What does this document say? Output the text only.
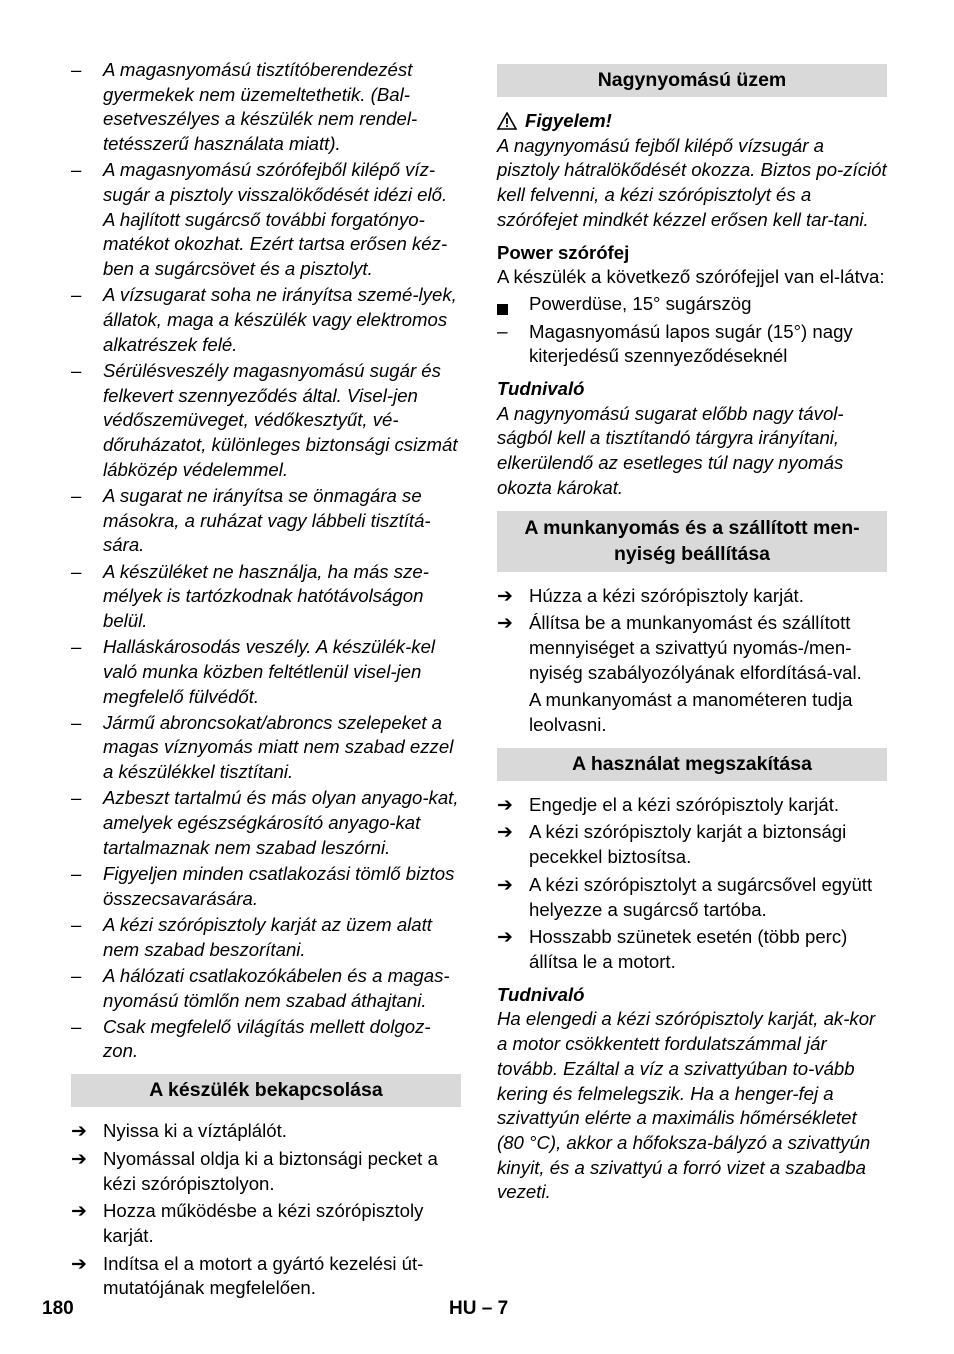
– A magasnyomású tisztítóberendezést gyermekek nem üzemeltethetik. (Bal-esetveszélyes a készülék nem rendel-tetésszerű használata miatt).

– A magasnyomású szórófejből kilépő víz-sugár a pisztoly visszalökődését idézi elő. A hajlított sugárcső további forgatónyo-matékot okozhat. Ezért tartsa erősen kéz-ben a sugárcsövet és a pisztolyt.

– A vízsugarat soha ne irányítsa szemé-lyek, állatok, maga a készülék vagy elektromos alkatrészek felé.

– Sérülésveszély magasnyomású sugár és felkevert szennyeződés által. Visel-jen védőszemüveget, védőkesztyűt, vé-dőruházatot, különleges biztonsági csizmát lábközép védelemmel.

– A sugarat ne irányítsa se önmagára se másokra, a ruházat vagy lábbeli tisztítá-sára.

– A készüléket ne használja, ha más sze-mélyek is tartózkodnak hatótávolságon belül.

– Halláskárosodás veszély. A készülék-kel való munka közben feltétlenül visel-jen megfelelő fülvédőt.

– Jármű abroncsokat/abroncs szelepeket a magas víznyomás miatt nem szabad ezzel a készülékkel tisztítani.

– Azbeszt tartalmú és más olyan anyago-kat, amelyek egészségkárosító anyago-kat tartalmaznak nem szabad leszórni.

– Figyeljen minden csatlakozási tömlő biztos összecsavarására.

– A kézi szórópisztoly karját az üzem alatt nem szabad beszorítani.

– A hálózati csatlakozókábelen és a magas-nyomású tömlőn nem szabad áthajtani.

– Csak megfelelő világítás mellett dolgoz-zon.

A készülék bekapcsolása

➔ Nyissa ki a víztáplálót.

➔ Nyomással oldja ki a biztonsági pecket a kézi szórópisztolyon.

➔ Hozza működésbe a kézi szórópisztoly karját.

➔ Indítsa el a motort a gyártó kezelési út-mutatójának megfelelően.

Nagynyomású üzem

Figyelem!

A nagynyomású fejből kilépő vízsugár a pisztoly hátralökődését okozza. Biztos po-zíciót kell felvenni, a kézi szórópisztolyt és a szórófejet mindkét kézzel erősen kell tar-tani.

Power szórófej

A készülék a következő szórófejjel van el-látva:

Powerdüse, 15° sugárszög

– Magasnyomású lapos sugár (15°) nagy kiterjedésű szennyeződéseknél

Tudnivaló

A nagynyomású sugarat előbb nagy távol-ságból kell a tisztítandó tárgyra irányítani, elkerülendő az esetleges túl nagy nyomás okozta károkat.

A munkanyomás és a szállított men-nyiség beállítása

➔ Húzza a kézi szórópisztoly karját.

➔ Állítsa be a munkanyomást és szállított mennyiséget a szivattyú nyomás-/men-nyiség szabályozólyának elfordításá-val.

A munkanyomást a manométeren tudja leolvasni.

A használat megszakítása

➔ Engedje el a kézi szórópisztoly karját.

➔ A kézi szórópisztoly karját a biztonsági pecekkel biztosítsa.

➔ A kézi szórópisztolyt a sugárcsővel együtt helyezze a sugárcső tartóba.

➔ Hosszabb szünetek esetén (több perc) állítsa le a motort.

Tudnivaló

Ha elengedi a kézi szórópisztoly karját, ak-kor a motor csökkentett fordulatszámmal jár tovább. Ezáltal a víz a szivattyúban to-vább kering és felmelegszik. Ha a henger-fej a szivattyún elérte a maximális hőmérsékletet (80 °C), akkor a hőfoksza-bályzó a szivattyún kinyit, és a szivattyú a forró vizet a szabadba vezeti.

180	HU – 7
